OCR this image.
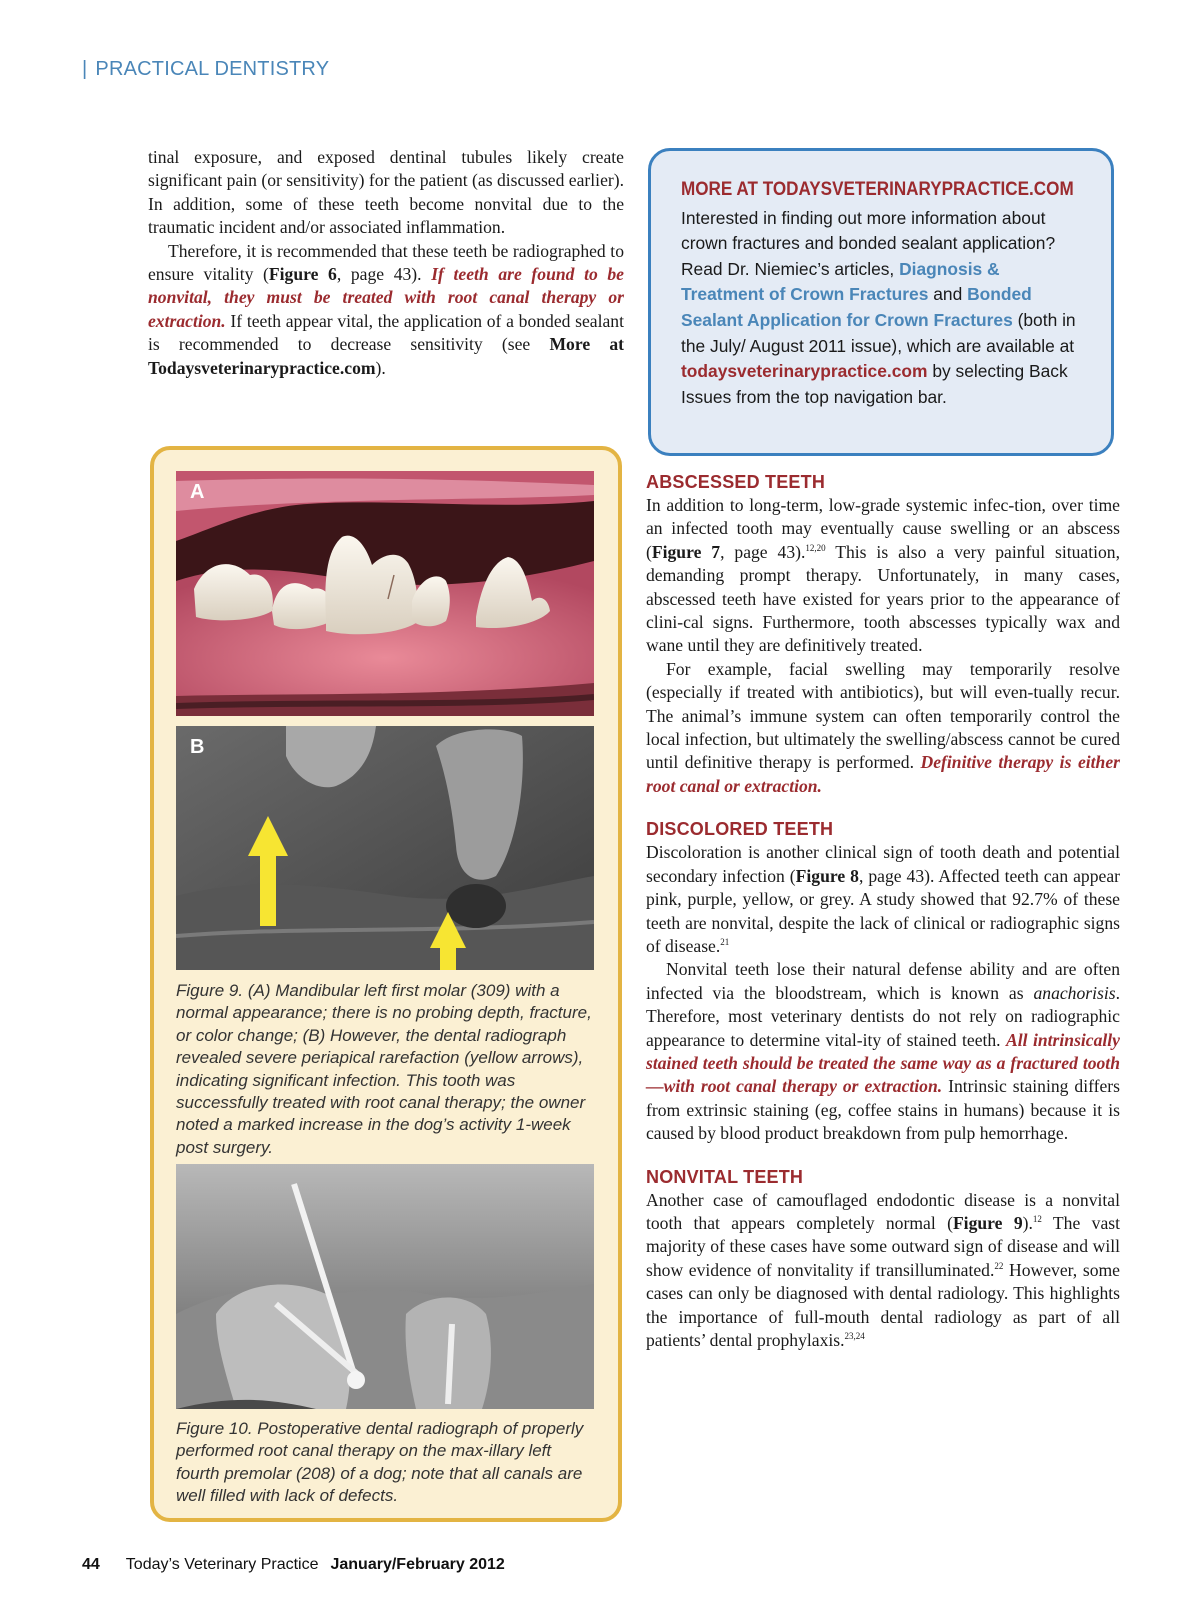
| PRACTICAL DENTISTRY

tinal exposure, and exposed dentinal tubules likely create significant pain (or sensitivity) for the patient (as discussed earlier). In addition, some of these teeth become nonvital due to the traumatic incident and/or associated inflammation.

Therefore, it is recommended that these teeth be radiographed to ensure vitality (Figure 6, page 43). If teeth are found to be nonvital, they must be treated with root canal therapy or extraction. If teeth appear vital, the application of a bonded sealant is recommended to decrease sensitivity (see More at Todaysveterinarypractice.com).

MORE AT TODAYSVETERINARYPRACTICE.COM
Interested in finding out more information about crown fractures and bonded sealant application? Read Dr. Niemiec’s articles, Diagnosis & Treatment of Crown Fractures and Bonded Sealant Application for Crown Fractures (both in the July/ August 2011 issue), which are available at todaysveterinarypractice.com by selecting Back Issues from the top navigation bar.
A
B
Figure 9. (A) Mandibular left first molar (309) with a normal appearance; there is no probing depth, fracture, or color change; (B) However, the dental radiograph revealed severe periapical rarefaction (yellow arrows), indicating significant infection. This tooth was successfully treated with root canal therapy; the owner noted a marked increase in the dog’s activity 1-week post surgery.
Figure 10. Postoperative dental radiograph of properly performed root canal therapy on the max-illary left fourth premolar (208) of a dog; note that all canals are well filled with lack of defects.
ABSCESSED TEETH

In addition to long-term, low-grade systemic infec-tion, over time an infected tooth may eventually cause swelling or an abscess (Figure 7, page 43).$^{12,20}$ This is also a very painful situation, demanding prompt therapy. Unfortunately, in many cases, abscessed teeth have existed for years prior to the appearance of clini-cal signs. Furthermore, tooth abscesses typically wax and wane until they are definitively treated.

For example, facial swelling may temporarily resolve (especially if treated with antibiotics), but will even-tually recur. The animal’s immune system can often temporarily control the local infection, but ultimately the swelling/abscess cannot be cured until definitive therapy is performed. Definitive therapy is either root canal or extraction.

DISCOLORED TEETH

Discoloration is another clinical sign of tooth death and potential secondary infection (Figure 8, page 43). Affected teeth can appear pink, purple, yellow, or grey. A study showed that 92.7% of these teeth are nonvital, despite the lack of clinical or radiographic signs of disease.$^{21}$

Nonvital teeth lose their natural defense ability and are often infected via the bloodstream, which is known as anachorisis. Therefore, most veterinary dentists do not rely on radiographic appearance to determine vital-ity of stained teeth. All intrinsically stained teeth should be treated the same way as a fractured tooth—with root canal therapy or extraction. Intrinsic staining differs from extrinsic staining (eg, coffee stains in humans) because it is caused by blood product breakdown from pulp hemorrhage.

NONVITAL TEETH

Another case of camouflaged endodontic disease is a nonvital tooth that appears completely normal (Figure 9).$^{12}$ The vast majority of these cases have some outward sign of disease and will show evidence of nonvitality if transilluminated.$^{22}$ However, some cases can only be diagnosed with dental radiology. This highlights the importance of full-mouth dental radiology as part of all patients’ dental prophylaxis.$^{23,24}$

44 Today’s Veterinary Practice January/February 2012
